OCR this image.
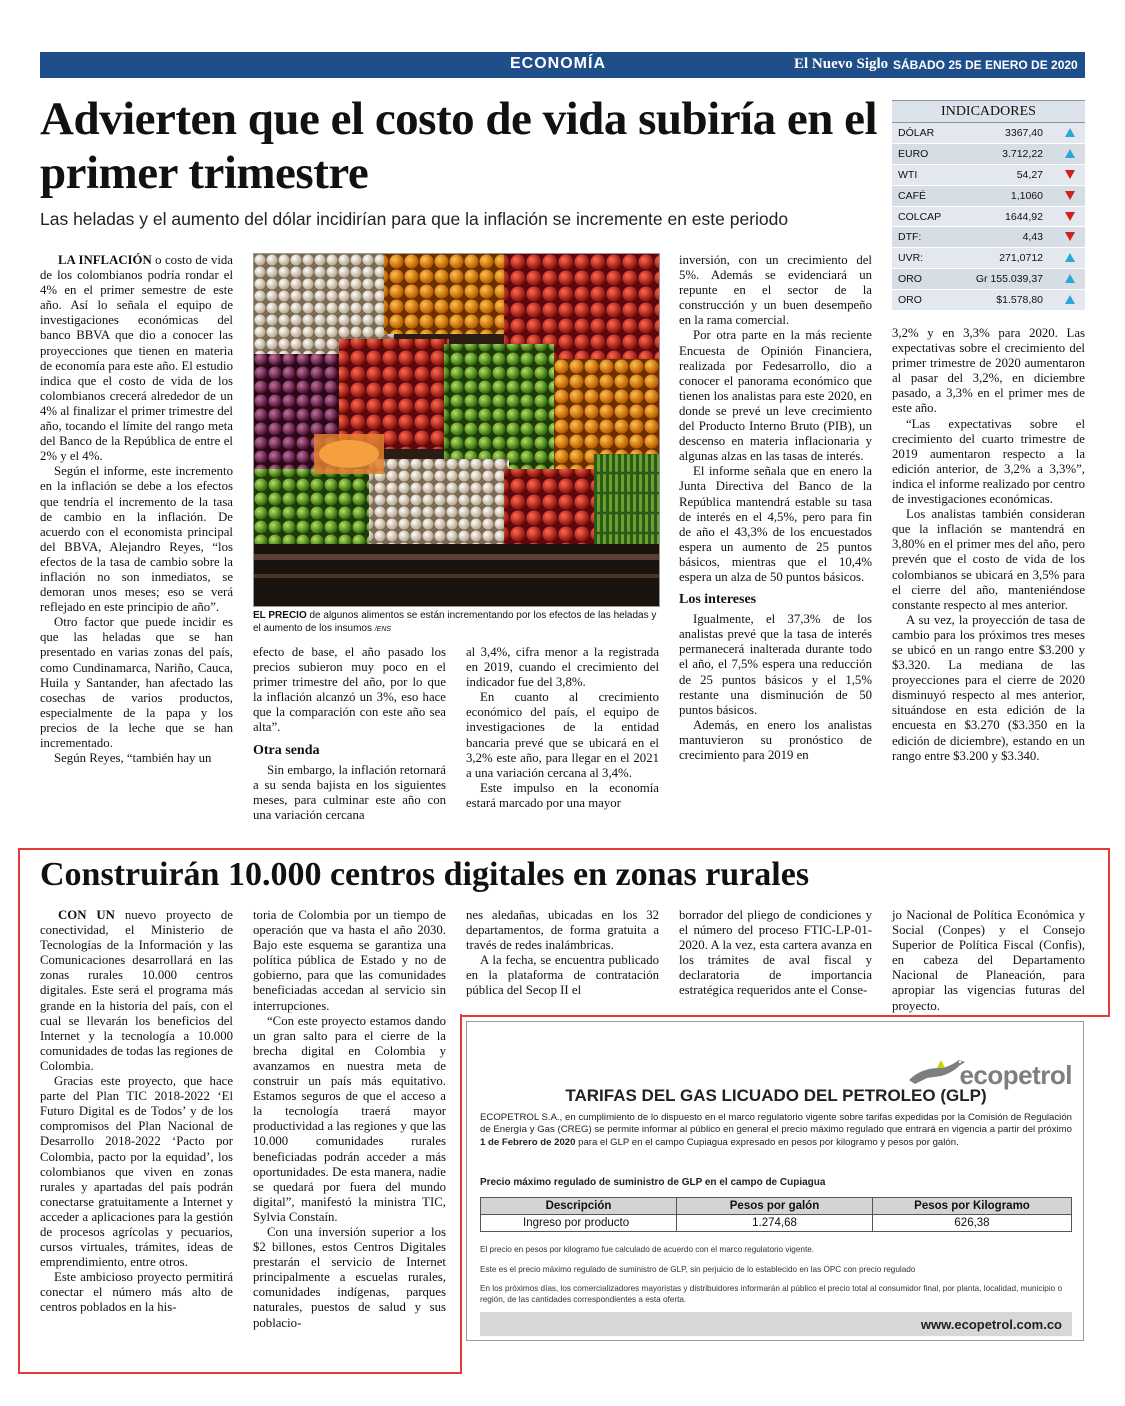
ECONOMÍA	El Nuevo Siglo SÁBADO 25 DE ENERO DE 2020 3B
Advierten que el costo de vida subiría en el primer trimestre
Las heladas y el aumento del dólar incidirían para que la inflación se incremente en este periodo
INDICADORES
DÓLAR	3367,40
EURO	3.712,22
WTI	54,27
CAFÉ	1,1060
COLCAP	1644,92
DTF:	4,43
UVR:	271,0712
ORO	Gr 155.039,37
ORO	$1.578,80

LA INFLACIÓN o costo de vida de los colombianos podría rondar el 4% en el primer semestre de este año. Así lo señala el equipo de investigaciones económicas del banco BBVA que dio a conocer las proyecciones que tienen en materia de economía para este año. El estudio indica que el costo de vida de los colombianos crecerá alrededor de un 4% al finalizar el primer trimestre del año, tocando el límite del rango meta del Banco de la República de entre el 2% y el 4%.

Según el informe, este incremento en la inflación se debe a los efectos que tendría el incremento de la tasa de cambio en la inflación. De acuerdo con el economista principal del BBVA, Alejandro Reyes, “los efectos de la tasa de cambio sobre la inflación no son inmediatos, se demoran unos meses; eso se verá reflejado en este principio de año”.

Otro factor que puede incidir es que las heladas que se han presentado en varias zonas del país, como Cundinamarca, Nariño, Cauca, Huila y Santander, han afectado las cosechas de varios productos, especialmente de la papa y los precios de la leche que se han incrementado.

Según Reyes, “también hay un

EL PRECIO de algunos alimentos se están incrementando por los efectos de las heladas y el aumento de los insumos /ENS

efecto de base, el año pasado los precios subieron muy poco en el primer trimestre del año, por lo que la inflación alcanzó un 3%, eso hace que la comparación con este año sea alta”.

Otra senda

Sin embargo, la inflación retornará a su senda bajista en los siguientes meses, para culminar este año con una variación cercana

al 3,4%, cifra menor a la registrada en 2019, cuando el crecimiento del indicador fue del 3,8%.

En cuanto al crecimiento económico del país, el equipo de investigaciones de la entidad bancaria prevé que se ubicará en el 3,2% este año, para llegar en el 2021 a una variación cercana al 3,4%.

Este impulso en la economía estará marcado por una mayor

inversión, con un crecimiento del 5%. Además se evidenciará un repunte en el sector de la construcción y un buen desempeño en la rama comercial.

Por otra parte en la más reciente Encuesta de Opinión Financiera, realizada por Fedesarrollo, dio a conocer el panorama económico que tienen los analistas para este 2020, en donde se prevé un leve crecimiento del Producto Interno Bruto (PIB), un descenso en materia inflacionaria y algunas alzas en las tasas de interés.

El informe señala que en enero la Junta Directiva del Banco de la República mantendrá estable su tasa de interés en el 4,5%, pero para fin de año el 43,3% de los encuestados espera un aumento de 25 puntos básicos, mientras que el 10,4% espera un alza de 50 puntos básicos.

Los intereses

Igualmente, el 37,3% de los analistas prevé que la tasa de interés permanecerá inalterada durante todo el año, el 7,5% espera una reducción de 25 puntos básicos y el 1,5% restante una disminución de 50 puntos básicos.

Además, en enero los analistas mantuvieron su pronóstico de crecimiento para 2019 en

3,2% y en 3,3% para 2020. Las expectativas sobre el crecimiento del primer trimestre de 2020 aumentaron al pasar del 3,2%, en diciembre pasado, a 3,3% en el primer mes de este año.

“Las expectativas sobre el crecimiento del cuarto trimestre de 2019 aumentaron respecto a la edición anterior, de 3,2% a 3,3%”, indica el informe realizado por centro de investigaciones económicas.

Los analistas también consideran que la inflación se mantendrá en 3,80% en el primer mes del año, pero prevén que el costo de vida de los colombianos se ubicará en 3,5% para el cierre del año, manteniéndose constante respecto al mes anterior.

A su vez, la proyección de tasa de cambio para los próximos tres meses se ubicó en un rango entre $3.200 y $3.320. La mediana de las proyecciones para el cierre de 2020 disminuyó respecto al mes anterior, situándose en esta edición de la encuesta en $3.270 ($3.350 en la edición de diciembre), estando en un rango entre $3.200 y $3.340.

Construirán 10.000 centros digitales en zonas rurales

CON UN nuevo proyecto de conectividad, el Ministerio de Tecnologías de la Información y las Comunicaciones desarrollará en las zonas rurales 10.000 centros digitales. Este será el programa más grande en la historia del país, con el cual se llevarán los beneficios del Internet y la tecnología a 10.000 comunidades de todas las regiones de Colombia.

Gracias este proyecto, que hace parte del Plan TIC 2018-2022 ‘El Futuro Digital es de Todos’ y de los compromisos del Plan Nacional de Desarrollo 2018-2022 ‘Pacto por Colombia, pacto por la equidad’, los colombianos que viven en zonas rurales y apartadas del país podrán conectarse gratuitamente a Internet y acceder a aplicaciones para la gestión de procesos agrícolas y pecuarios, cursos virtuales, trámites, ideas de emprendimiento, entre otros.

Este ambicioso proyecto permitirá conectar el número más alto de centros poblados en la his-

toria de Colombia por un tiempo de operación que va hasta el año 2030. Bajo este esquema se garantiza una política pública de Estado y no de gobierno, para que las comunidades beneficiadas accedan al servicio sin interrupciones.

“Con este proyecto estamos dando un gran salto para el cierre de la brecha digital en Colombia y avanzamos en nuestra meta de construir un país más equitativo. Estamos seguros de que el acceso a la tecnología traerá mayor productividad a las regiones y que las 10.000 comunidades rurales beneficiadas podrán acceder a más oportunidades. De esta manera, nadie se quedará por fuera del mundo digital”, manifestó la ministra TIC, Sylvia Constaín.

Con una inversión superior a los $2 billones, estos Centros Digitales prestarán el servicio de Internet principalmente a escuelas rurales, comunidades indígenas, parques naturales, puestos de salud y sus poblacio-

nes aledañas, ubicadas en los 32 departamentos, de forma gratuita a través de redes inalámbricas.

A la fecha, se encuentra publicado en la plataforma de contratación pública del Secop II el

borrador del pliego de condiciones y el número del proceso FTIC-LP-01-2020. A la vez, esta cartera avanza en los trámites de aval fiscal y declaratoria de importancia estratégica requeridos ante el Conse-

jo Nacional de Política Económica y Social (Conpes) y el Consejo Superior de Política Fiscal (Confis), en cabeza del Departamento Nacional de Planeación, para apropiar las vigencias futuras del proyecto.

ecopetrol
TARIFAS DEL GAS LICUADO DEL PETROLEO (GLP)
ECOPETROL S.A., en cumplimiento de lo dispuesto en el marco regulatorio vigente sobre tarifas expedidas por la Comisión de Regulación de Energía y Gas (CREG) se permite informar al público en general el precio máximo regulado que entrará en vigencia a partir del próximo 1 de Febrero de 2020 para el GLP en el campo Cupiagua expresado en pesos por kilogramo y pesos por galón.
Precio máximo regulado de suministro de GLP en el campo de Cupiagua
Descripción	Pesos por galón	Pesos por Kilogramo
Ingreso por producto	1.274,68	626,38
El precio en pesos por kilogramo fue calculado de acuerdo con el marco regulatorio vigente.
Este es el precio máximo regulado de suministro de GLP, sin perjuicio de lo establecido en las OPC con precio regulado
En los próximos días, los comercializadores mayoristas y distribuidores informarán al público el precio total al consumidor final, por planta, localidad, municipio o región, de las cantidades correspondientes a esta oferta.
www.ecopetrol.com.co
